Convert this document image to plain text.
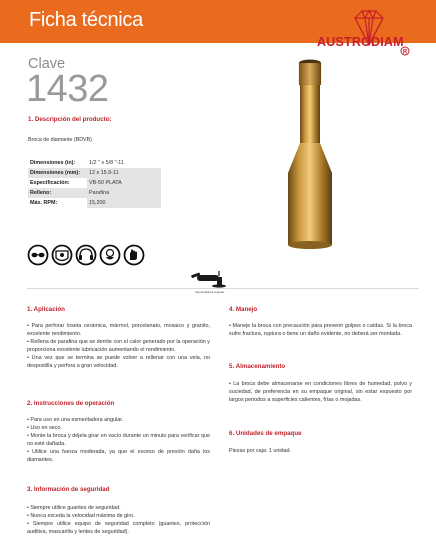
Ficha técnica
AUSTRODIAM
R
Clave
1432
1. Descripción del producto:
Broca de diamante (BDVB)
Dimensiones (in):	1/2 " x 5/8 "-11
Dimensiones (mm):	12 x 15.9-11
Especificación:	VB-50 PLATA
Relleno:	Parafina
Máx. RPM:	15,200
Esmeriladora Angular
1. Aplicación

• Para perforar loseta cerámica, mármol, porcelanato, mosaico y granito, excelente rendimiento.

• Rellena de parafina que se derrite con el calor generado por la operación y proporciona excelente lubricación aumentando el rendimiento.

• Una vez que se termina se puede volver a rellenar con una vela, no despostilla y perfora a gran velocidad.

2. Instrucciones de operación

• Para uso en una esmeriladora angular.

• Uso en seco.

• Monte la broca y déjela girar en vacío durante un minuto para verificar que no esté dañada.

• Utilice una fuerza moderada, ya que el exceso de presión daña los diamantes.

3. Información de seguridad

• Siempre utilice guantes de seguridad.

• Nunca exceda la velocidad máxima de giro.

• Siempre utilice equipo de seguridad completo (guantes, protección auditiva, mascarilla y lentes de seguridad).

4. Manejo

• Maneje la broca con precaución para prevenir golpes o caídas. Si la broca sufre fractura, ruptura o tiene un daño evidente, no deberá ser montada.

5. Almacenamiento

• La broca debe almacenarse en condiciones libres de humedad, polvo y suciedad, de preferencia en su empaque original, sin estar expuesto por largos periodos a superficies calientes, frías o mojadas.

6. Unidades de empaque

Piezas por caja: 1 unidad.
